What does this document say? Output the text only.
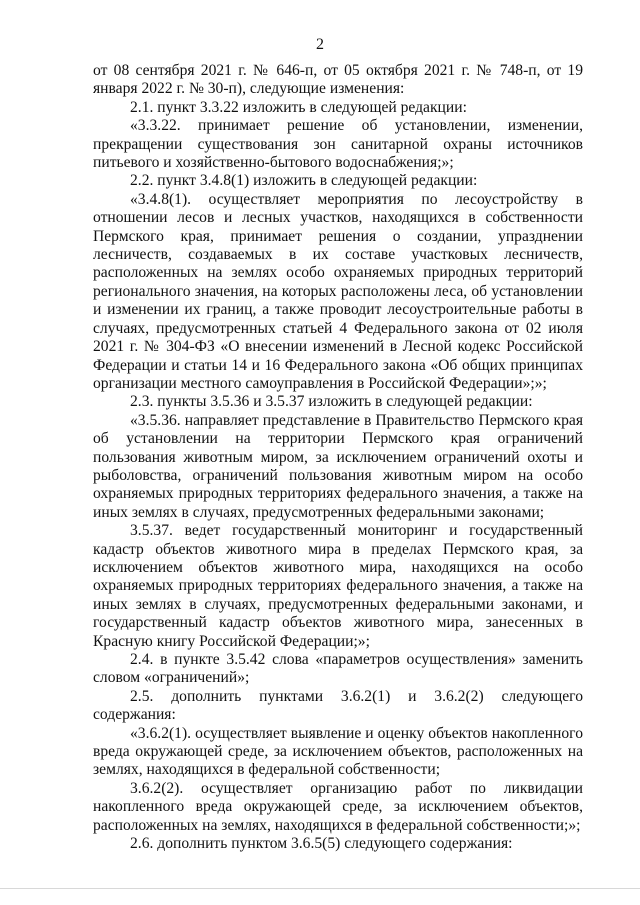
2

от 08 сентября 2021 г. № 646-п, от 05 октября 2021 г. № 748-п, от 19 января 2022 г. № 30-п), следующие изменения:

2.1. пункт 3.3.22 изложить в следующей редакции:

«3.3.22. принимает решение об установлении, изменении, прекращении существования зон санитарной охраны источников питьевого и хозяйственно-бытового водоснабжения;»;

2.2. пункт 3.4.8(1) изложить в следующей редакции:

«3.4.8(1). осуществляет мероприятия по лесоустройству в отношении лесов и лесных участков, находящихся в собственности Пермского края, принимает решения о создании, упразднении лесничеств, создаваемых в их составе участковых лесничеств, расположенных на землях особо охраняемых природных территорий регионального значения, на которых расположены леса, об установлении и изменении их границ, а также проводит лесоустроительные работы в случаях, предусмотренных статьей 4 Федерального закона от 02 июля 2021 г. № 304-ФЗ «О внесении изменений в Лесной кодекс Российской Федерации и статьи 14 и 16 Федерального закона «Об общих принципах организации местного самоуправления в Российской Федерации»;»;

2.3. пункты 3.5.36 и 3.5.37 изложить в следующей редакции:

«3.5.36. направляет представление в Правительство Пермского края об установлении на территории Пермского края ограничений пользования животным миром, за исключением ограничений охоты и рыболовства, ограничений пользования животным миром на особо охраняемых природных территориях федерального значения, а также на иных землях в случаях, предусмотренных федеральными законами;

3.5.37. ведет государственный мониторинг и государственный кадастр объектов животного мира в пределах Пермского края, за исключением объектов животного мира, находящихся на особо охраняемых природных территориях федерального значения, а также на иных землях в случаях, предусмотренных федеральными законами, и государственный кадастр объектов животного мира, занесенных в Красную книгу Российской Федерации;»;

2.4. в пункте 3.5.42 слова «параметров осуществления» заменить словом «ограничений»;

2.5. дополнить пунктами 3.6.2(1) и 3.6.2(2) следующего содержания:

«3.6.2(1). осуществляет выявление и оценку объектов накопленного вреда окружающей среде, за исключением объектов, расположенных на землях, находящихся в федеральной собственности;

3.6.2(2). осуществляет организацию работ по ликвидации накопленного вреда окружающей среде, за исключением объектов, расположенных на землях, находящихся в федеральной собственности;»;

2.6. дополнить пунктом 3.6.5(5) следующего содержания:
